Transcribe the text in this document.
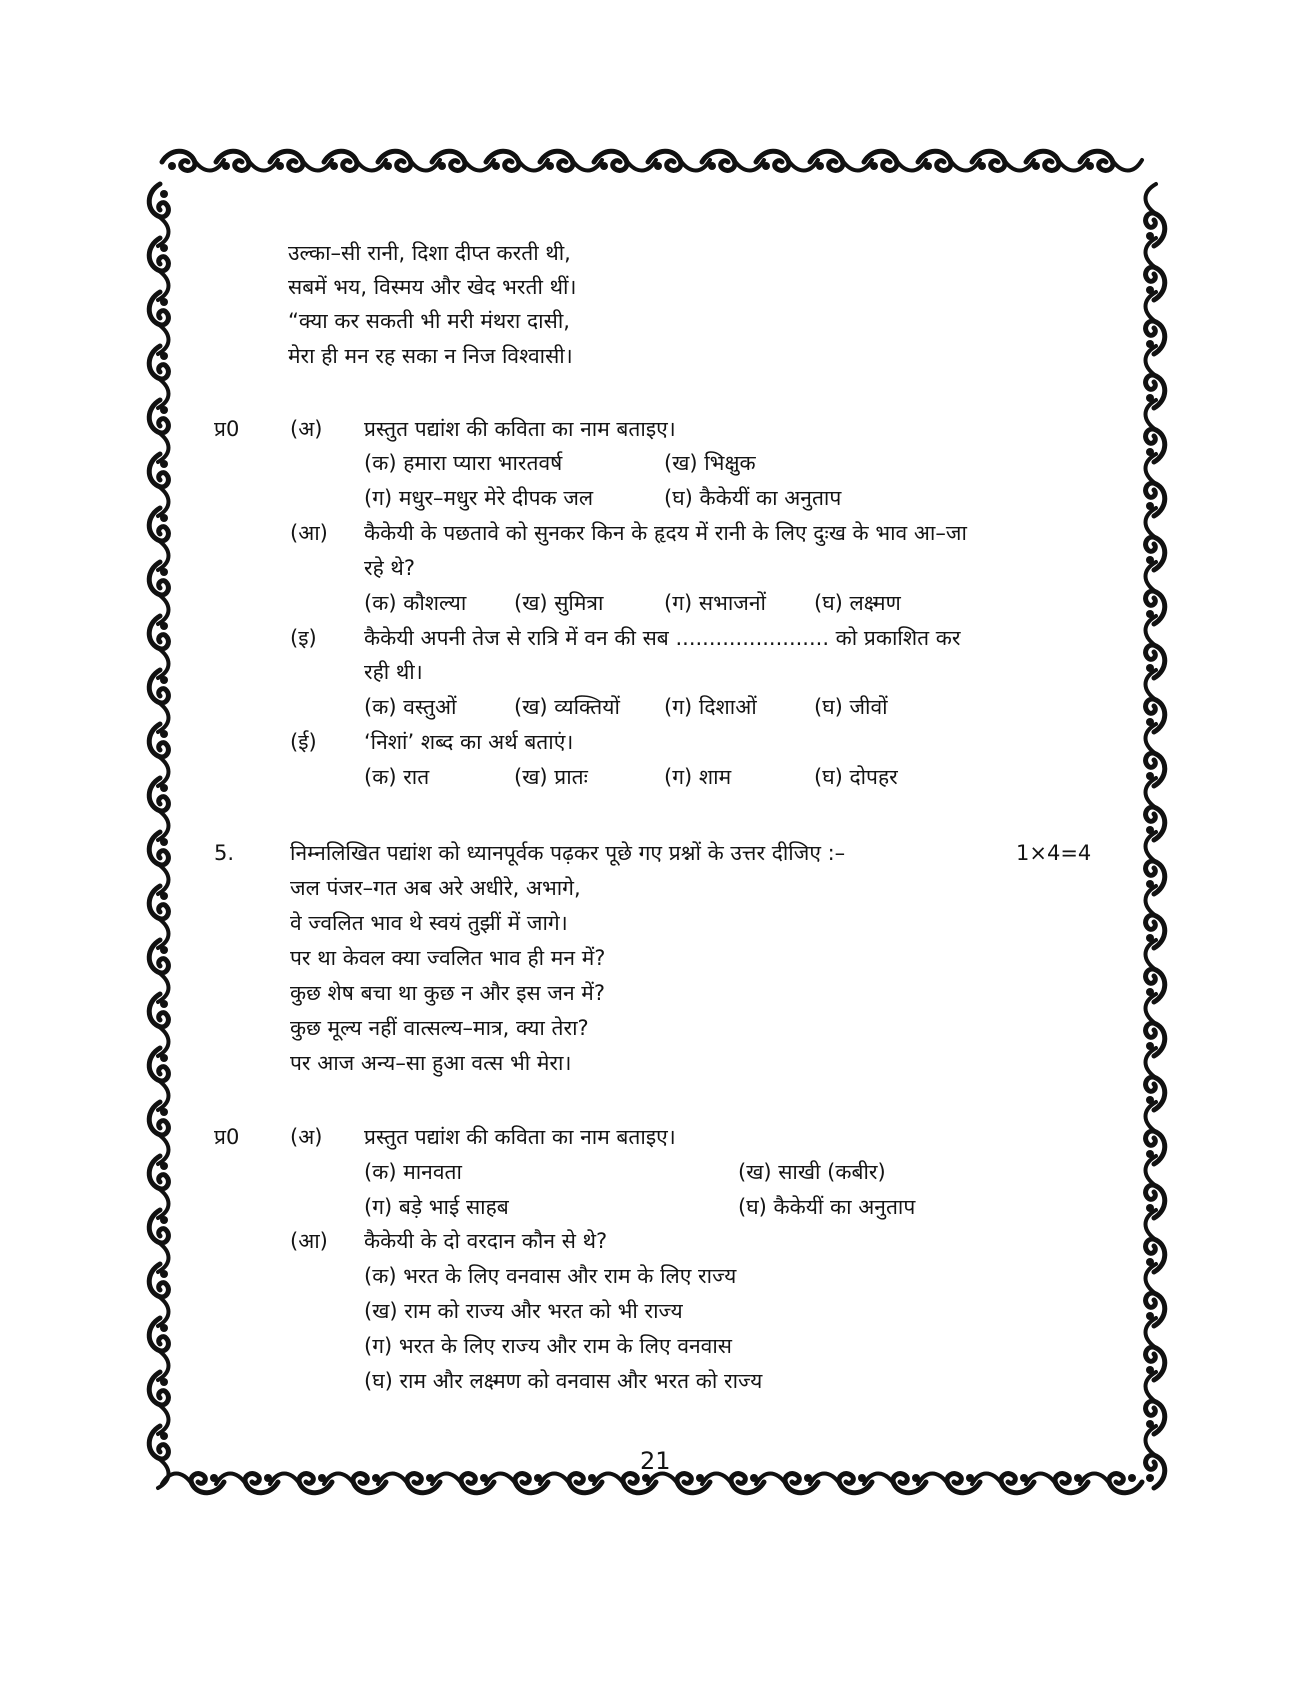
उल्का–सी रानी, दिशा दीप्त करती थी,
सबमें भय, विस्मय और खेद भरती थीं।
“क्या कर सकती भी मरी मंथरा दासी,
मेरा ही मन रह सका न निज विश्वासी।
प्र0 (अ) प्रस्तुत पद्यांश की कविता का नाम बताइए।
(क) हमारा प्यारा भारतवर्ष	(ख) भिक्षुक
(ग) मधुर–मधुर मेरे दीपक जल	(घ) कैकेयीं का अनुताप
(आ) कैकेयी के पछतावे को सुनकर किन के हृदय में रानी के लिए दुःख के भाव आ–जा
रहे थे?
(क) कौशल्या (ख) सुमित्रा	(ग) सभाजनों (घ) लक्ष्मण
(इ) कैकेयी अपनी तेज से रात्रि में वन की सब ....................... को प्रकाशित कर
रही थी।
(क) वस्तुओं	(ख) व्यक्तियों (ग) दिशाओं	(घ) जीवों
(ई) ‘निशां’ शब्द का अर्थ बताएं।
(क) रात	(ख) प्रातः	(ग) शाम	(घ) दोपहर
5.	निम्नलिखित पद्यांश को ध्यानपूर्वक पढ़कर पूछे गए प्रश्नों के उत्तर दीजिए :–	1×4=4
जल पंजर–गत अब अरे अधीरे, अभागे,
वे ज्वलित भाव थे स्वयं तुझीं में जागे।
पर था केवल क्या ज्वलित भाव ही मन में?
कुछ शेष बचा था कुछ न और इस जन में?
कुछ मूल्य नहीं वात्सल्य–मात्र, क्या तेरा?
पर आज अन्य–सा हुआ वत्स भी मेरा।
प्र0 (अ) प्रस्तुत पद्यांश की कविता का नाम बताइए।
(क) मानवता	(ख) साखी (कबीर)
(ग) बड़े भाई साहब	(घ) कैकेयीं का अनुताप
(आ) कैकेयी के दो वरदान कौन से थे?
(क) भरत के लिए वनवास और राम के लिए राज्य
(ख) राम को राज्य और भरत को भी राज्य
(ग) भरत के लिए राज्य और राम के लिए वनवास
(घ) राम और लक्ष्मण को वनवास और भरत को राज्य
21
